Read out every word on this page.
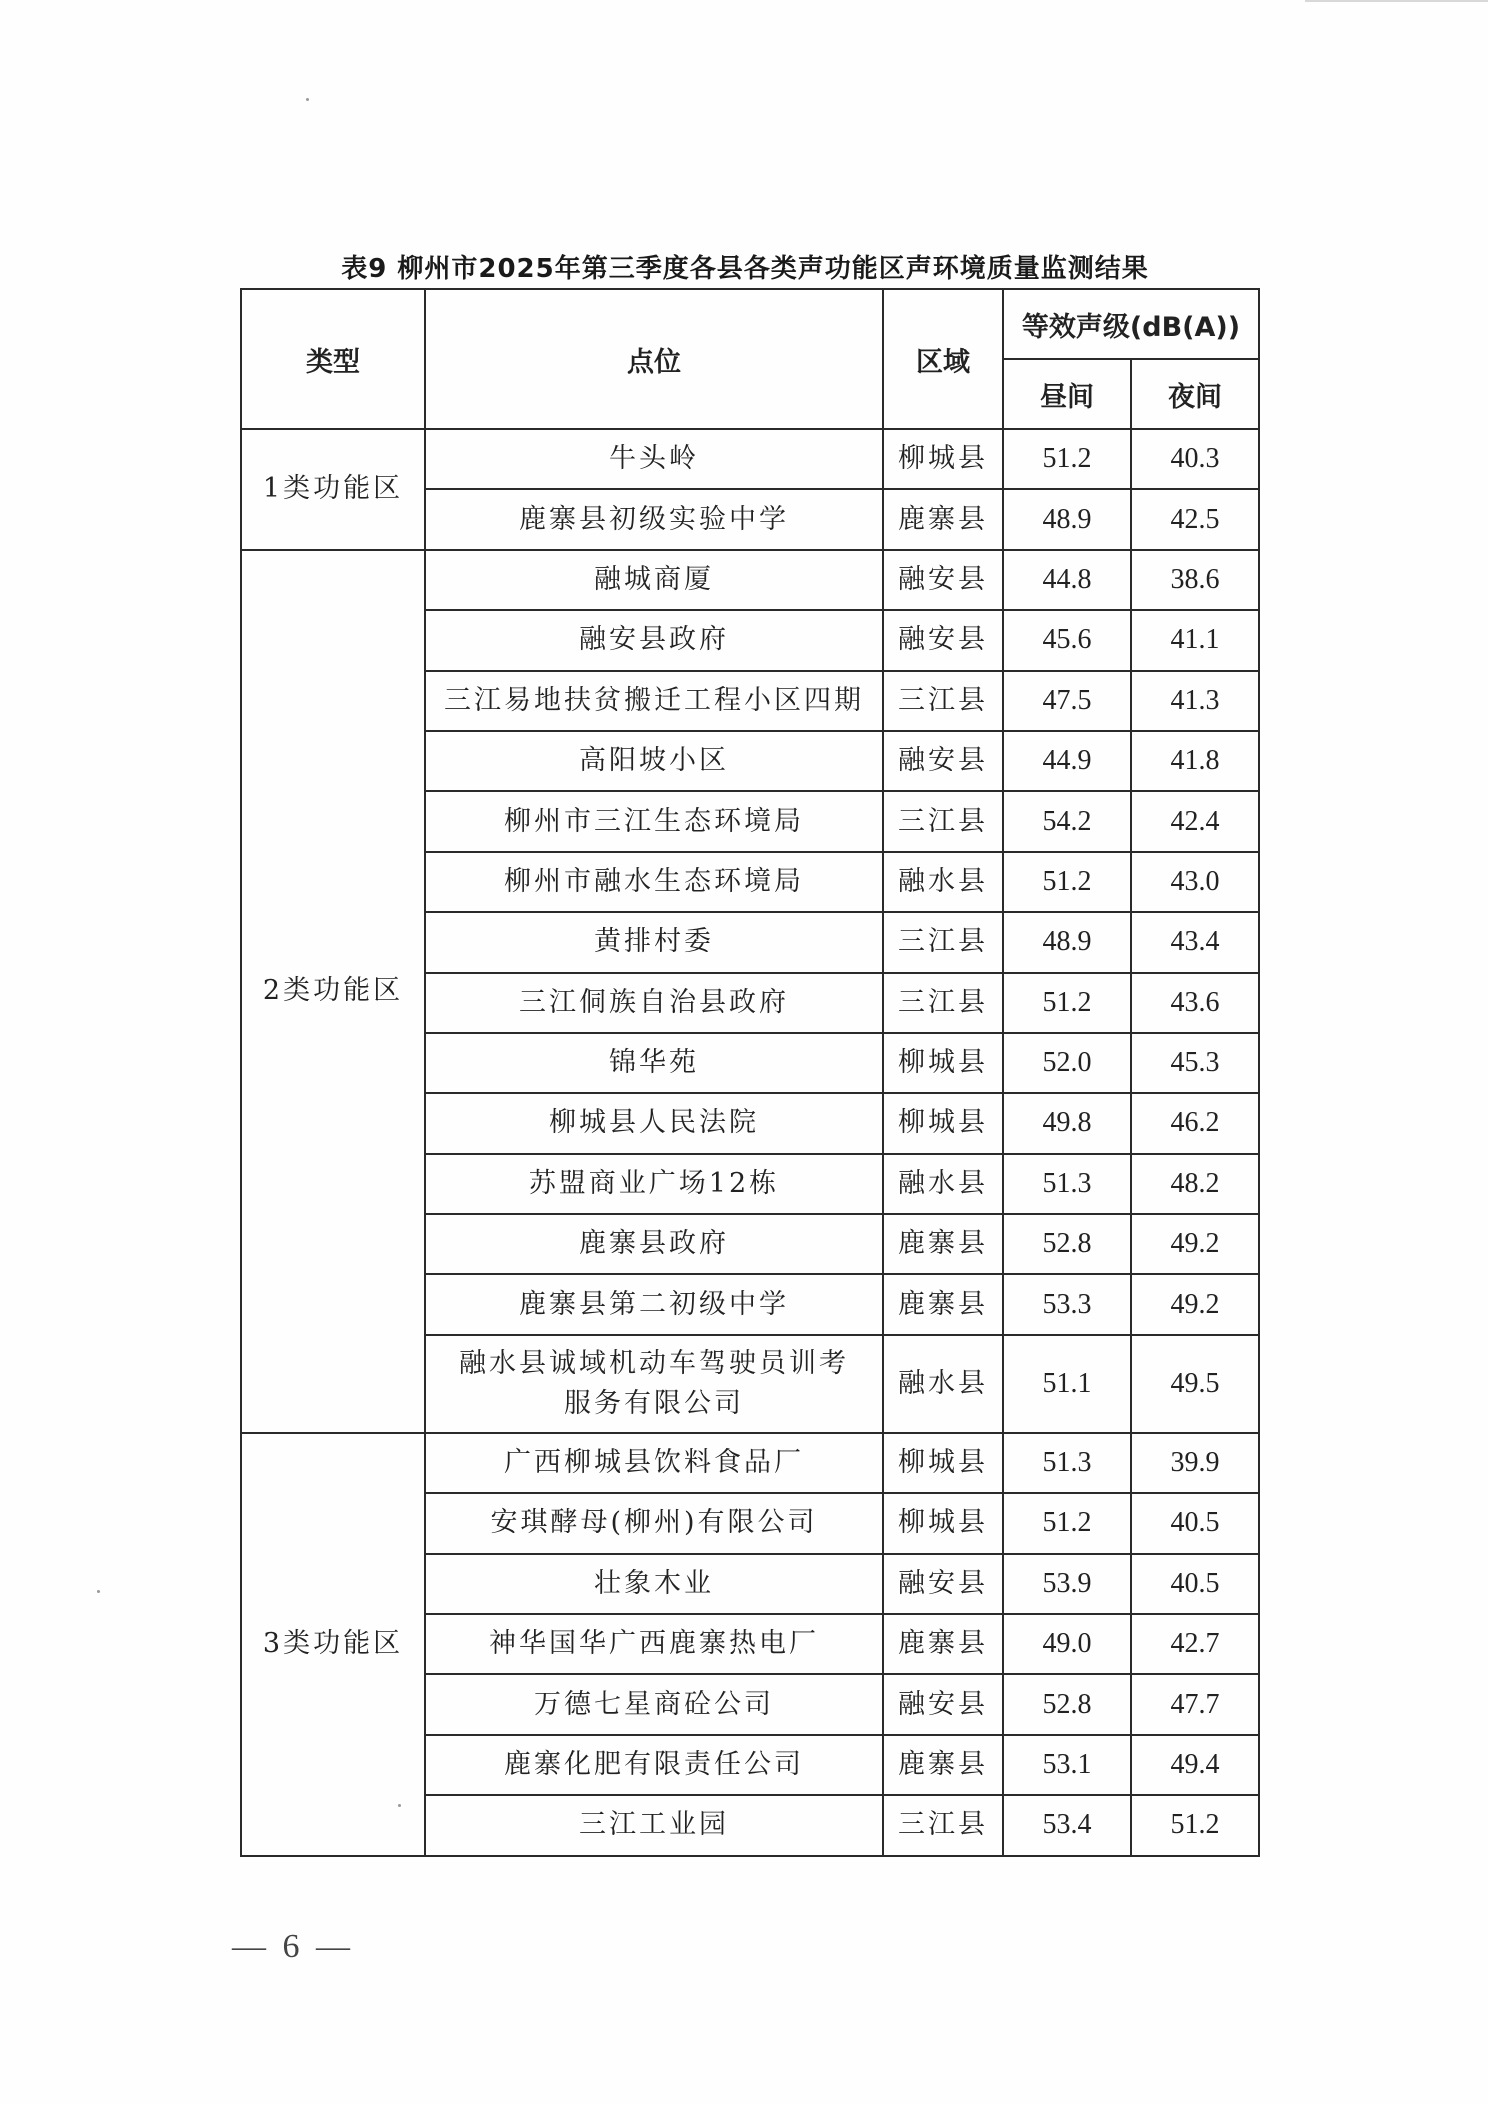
表9 柳州市2025年第三季度各县各类声功能区声环境质量监测结果
类型	点位	区域	等效声级(dB(A))	
			昼间	夜间
1类功能区	牛头岭	柳城县	51.2	40.3
	鹿寨县初级实验中学	鹿寨县	48.9	42.5
2类功能区	融城商厦	融安县	44.8	38.6
	融安县政府	融安县	45.6	41.1
	三江易地扶贫搬迁工程小区四期	三江县	47.5	41.3
	高阳坡小区	融安县	44.9	41.8
	柳州市三江生态环境局	三江县	54.2	42.4
	柳州市融水生态环境局	融水县	51.2	43.0
	黄排村委	三江县	48.9	43.4
	三江侗族自治县政府	三江县	51.2	43.6
	锦华苑	柳城县	52.0	45.3
	柳城县人民法院	柳城县	49.8	46.2
	苏盟商业广场12栋	融水县	51.3	48.2
	鹿寨县政府	鹿寨县	52.8	49.2
	鹿寨县第二初级中学	鹿寨县	53.3	49.2
	融水县诚域机动车驾驶员训考服务有限公司	融水县	51.1	49.5
3类功能区	广西柳城县饮料食品厂	柳城县	51.3	39.9
	安琪酵母(柳州)有限公司	柳城县	51.2	40.5
	壮象木业	融安县	53.9	40.5
	神华国华广西鹿寨热电厂	鹿寨县	49.0	42.7
	万德七星商砼公司	融安县	52.8	47.7
	鹿寨化肥有限责任公司	鹿寨县	53.1	49.4
	三江工业园	三江县	53.4	51.2
— 6 —
